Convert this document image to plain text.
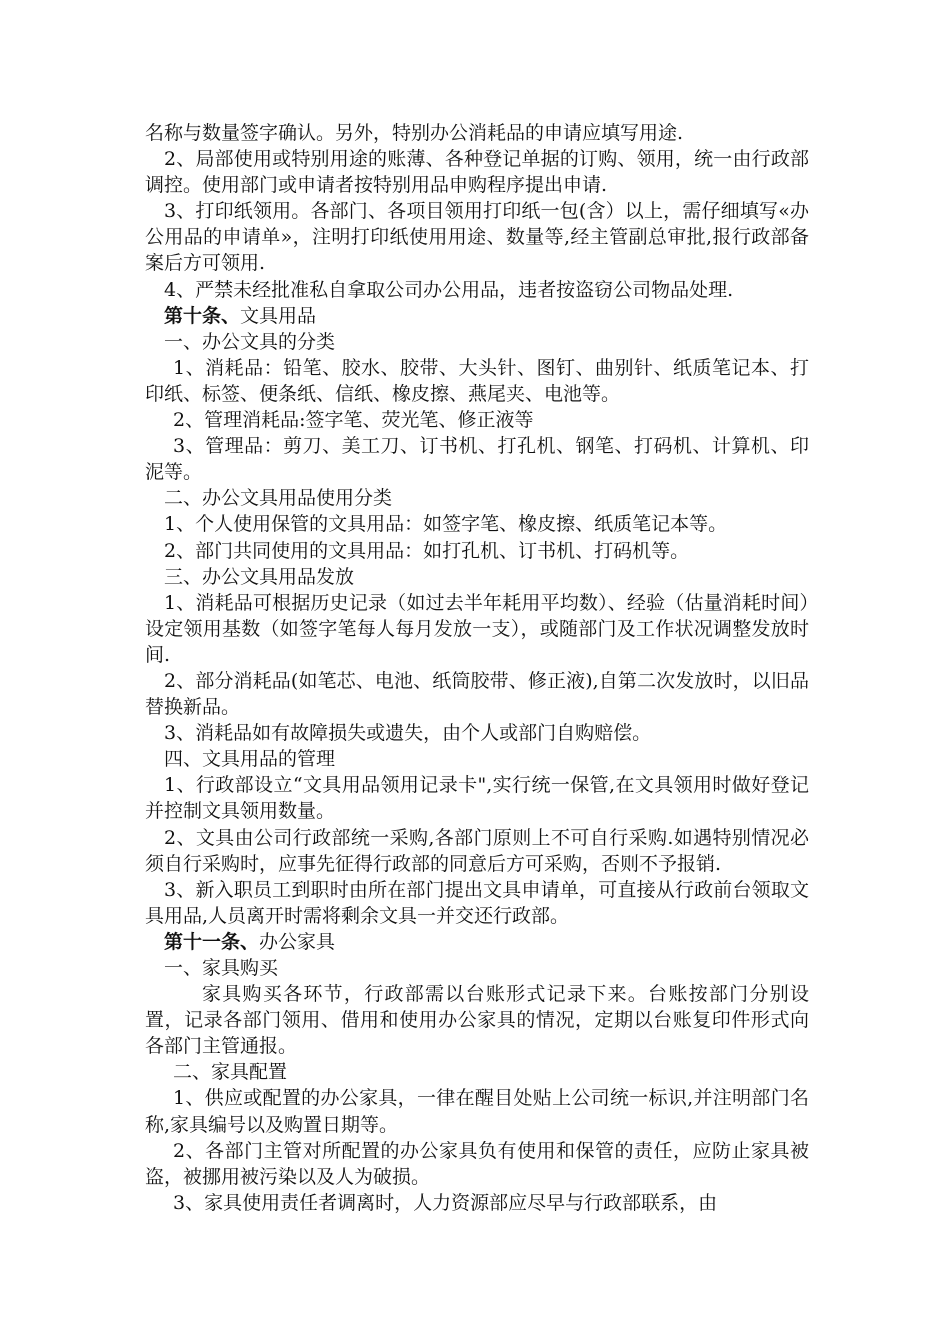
名称与数量签字确认。另外，特别办公消耗品的申请应填写用途.

2、局部使用或特别用途的账薄、各种登记单据的订购、领用，统一由行政部调控。使用部门或申请者按特别用品申购程序提出申请.

3、打印纸领用。各部门、各项目领用打印纸一包(含）以上，需仔细填写«办公用品的申请单»，注明打印纸使用用途、数量等,经主管副总审批,报行政部备案后方可领用.

4、严禁未经批准私自拿取公司办公用品，违者按盗窃公司物品处理.

第十条、文具用品

一、办公文具的分类

1、消耗品：铅笔、胶水、胶带、大头针、图钉、曲别针、纸质笔记本、打印纸、标签、便条纸、信纸、橡皮擦、燕尾夹、电池等。

2、管理消耗品:签字笔、荧光笔、修正液等

3、管理品：剪刀、美工刀、订书机、打孔机、钢笔、打码机、计算机、印泥等。

二、办公文具用品使用分类

1、个人使用保管的文具用品：如签字笔、橡皮擦、纸质笔记本等。

2、部门共同使用的文具用品：如打孔机、订书机、打码机等。

三、办公文具用品发放

1、消耗品可根据历史记录（如过去半年耗用平均数）、经验（估量消耗时间）设定领用基数（如签字笔每人每月发放一支），或随部门及工作状况调整发放时间.

2、部分消耗品(如笔芯、电池、纸筒胶带、修正液),自第二次发放时，以旧品替换新品。

3、消耗品如有故障损失或遗失，由个人或部门自购赔偿。

四、文具用品的管理

1、行政部设立“文具用品领用记录卡",实行统一保管,在文具领用时做好登记并控制文具领用数量。

2、文具由公司行政部统一采购,各部门原则上不可自行采购.如遇特别情况必须自行采购时，应事先征得行政部的同意后方可采购，否则不予报销.

3、新入职员工到职时由所在部门提出文具申请单，可直接从行政前台领取文具用品,人员离开时需将剩余文具一并交还行政部。

第十一条、办公家具

一、家具购买

家具购买各环节，行政部需以台账形式记录下来。台账按部门分别设置，记录各部门领用、借用和使用办公家具的情况，定期以台账复印件形式向各部门主管通报。

二、家具配置

1、供应或配置的办公家具，一律在醒目处贴上公司统一标识,并注明部门名称,家具编号以及购置日期等。

2、各部门主管对所配置的办公家具负有使用和保管的责任，应防止家具被盗，被挪用被污染以及人为破损。

3、家具使用责任者调离时，人力资源部应尽早与行政部联系，由
